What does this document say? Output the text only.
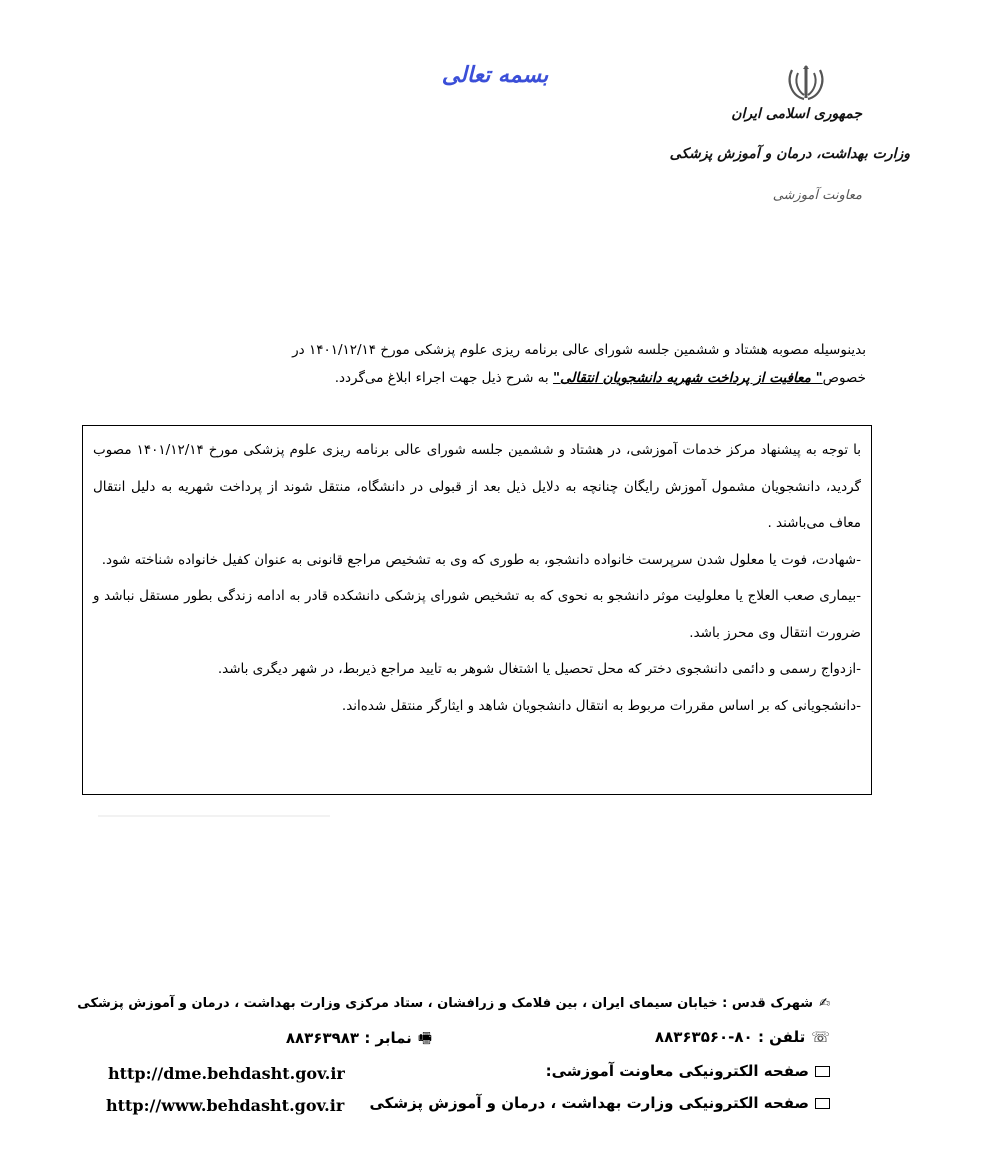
بسمه تعالی
جمهوری اسلامی ایران
وزارت بهداشت، درمان و آموزش پزشکی
معاونت آموزشی

بدینوسیله مصوبه هشتاد و ششمین جلسه شورای عالی برنامه ریزی علوم پزشکی مورخ ۱۴۰۱/۱۲/۱۴ در

خصوص" معافیت از پرداخت شهریه دانشجویان انتقالی" به شرح ذیل جهت اجراء ابلاغ می‌گردد.

با توجه به پیشنهاد مرکز خدمات آموزشی، در هشتاد و ششمین جلسه شورای عالی برنامه ریزی علوم پزشکی مورخ ۱۴۰۱/۱۲/۱۴ مصوب گردید، دانشجویان مشمول آموزش رایگان چنانچه به دلایل ذیل بعد از قبولی در دانشگاه، منتقل شوند از پرداخت شهریه به دلیل انتقال معاف می‌باشند .

-شهادت، فوت یا معلول شدن سرپرست خانواده دانشجو، به طوری که وی به تشخیص مراجع قانونی به عنوان کفیل خانواده شناخته شود.

-بیماری صعب العلاج یا معلولیت موثر دانشجو به نحوی که به تشخیص شورای پزشکی دانشکده قادر به ادامه زندگی بطور مستقل نباشد و ضرورت انتقال وی محرز باشد.

-ازدواج رسمی و دائمی دانشجوی دختر که محل تحصیل یا اشتغال شوهر به تایید مراجع ذیربط، در شهر دیگری باشد.

-دانشجویانی که بر اساس مقررات مربوط به انتقال دانشجویان شاهد و ایثارگر منتقل شده‌اند.

✍شهرک قدس : خیابان سیمای ایران ، بین فلامک و زرافشان ، ستاد مرکزی وزارت بهداشت ، درمان و آموزش پزشکی
☏تلفن : ۸۰-۸۸۳۶۳۵۶۰
🖷نمابر : ۸۸۳۶۳۹۸۳
صفحه الکترونیکی معاونت آموزشی:
http://dme.behdasht.gov.ir
صفحه الکترونیکی وزارت بهداشت ، درمان و آموزش پزشکی
http://www.behdasht.gov.ir
